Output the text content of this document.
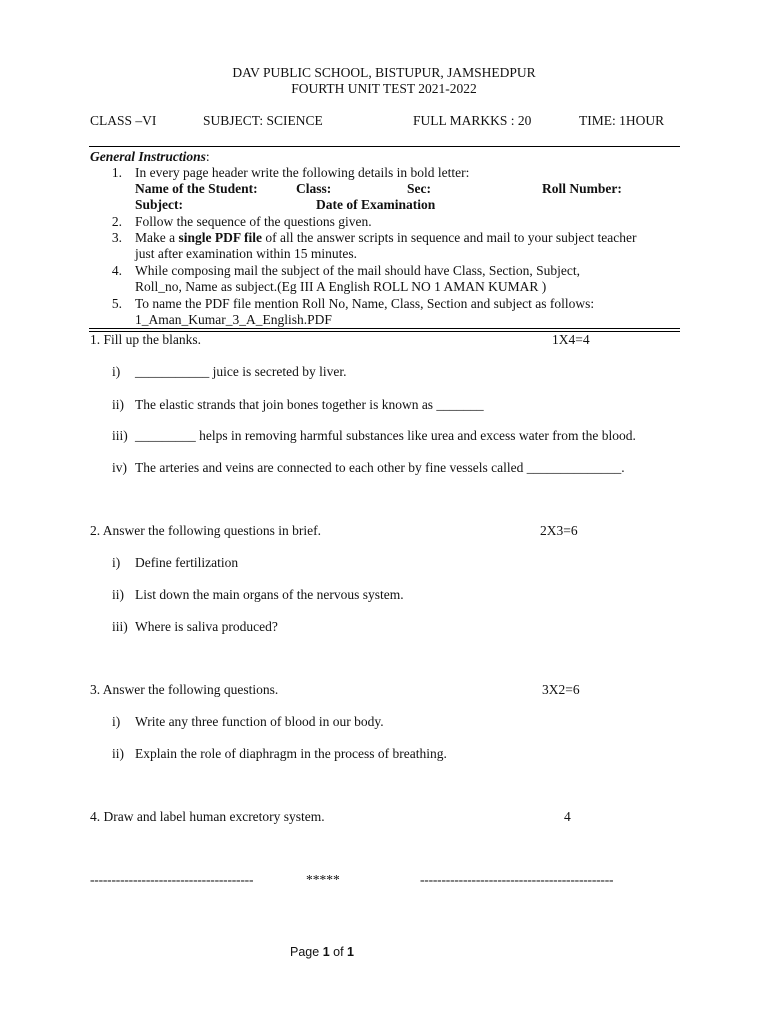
DAV PUBLIC SCHOOL, BISTUPUR, JAMSHEDPUR
FOURTH UNIT TEST 2021-2022
CLASS –VI	SUBJECT: SCIENCE	FULL MARKKS : 20	TIME: 1HOUR
General Instructions:
1. In every page header write the following details in bold letter:
Name of the Student:	Class:	Sec:	Roll Number:
Subject:	Date of Examination
2. Follow the sequence of the questions given.
3. Make a single PDF file of all the answer scripts in sequence and mail to your subject teacher
just after examination within 15 minutes.
4. While composing mail the subject of the mail should have Class, Section, Subject,
Roll_no, Name as subject.(Eg III A English ROLL NO 1 AMAN KUMAR )
5. To name the PDF file mention Roll No, Name, Class, Section and subject as follows:
1_Aman_Kumar_3_A_English.PDF
1. Fill up the blanks.	1X4=4
i)	___________ juice is secreted by liver.
ii) The elastic strands that join bones together is known as _______
iii) _________ helps in removing harmful substances like urea and excess water from the blood.
iv) The arteries and veins are connected to each other by fine vessels called ______________.
2. Answer the following questions in brief.	2X3=6
i)	Define fertilization
ii) List down the main organs of the nervous system.
iii) Where is saliva produced?
3. Answer the following questions.	3X2=6
i)	Write any three function of blood in our body.
ii) Explain the role of diaphragm in the process of breathing.
4. Draw and label human excretory system.	4
--------------------------------------	*****	---------------------------------------------
Page 1 of 1
